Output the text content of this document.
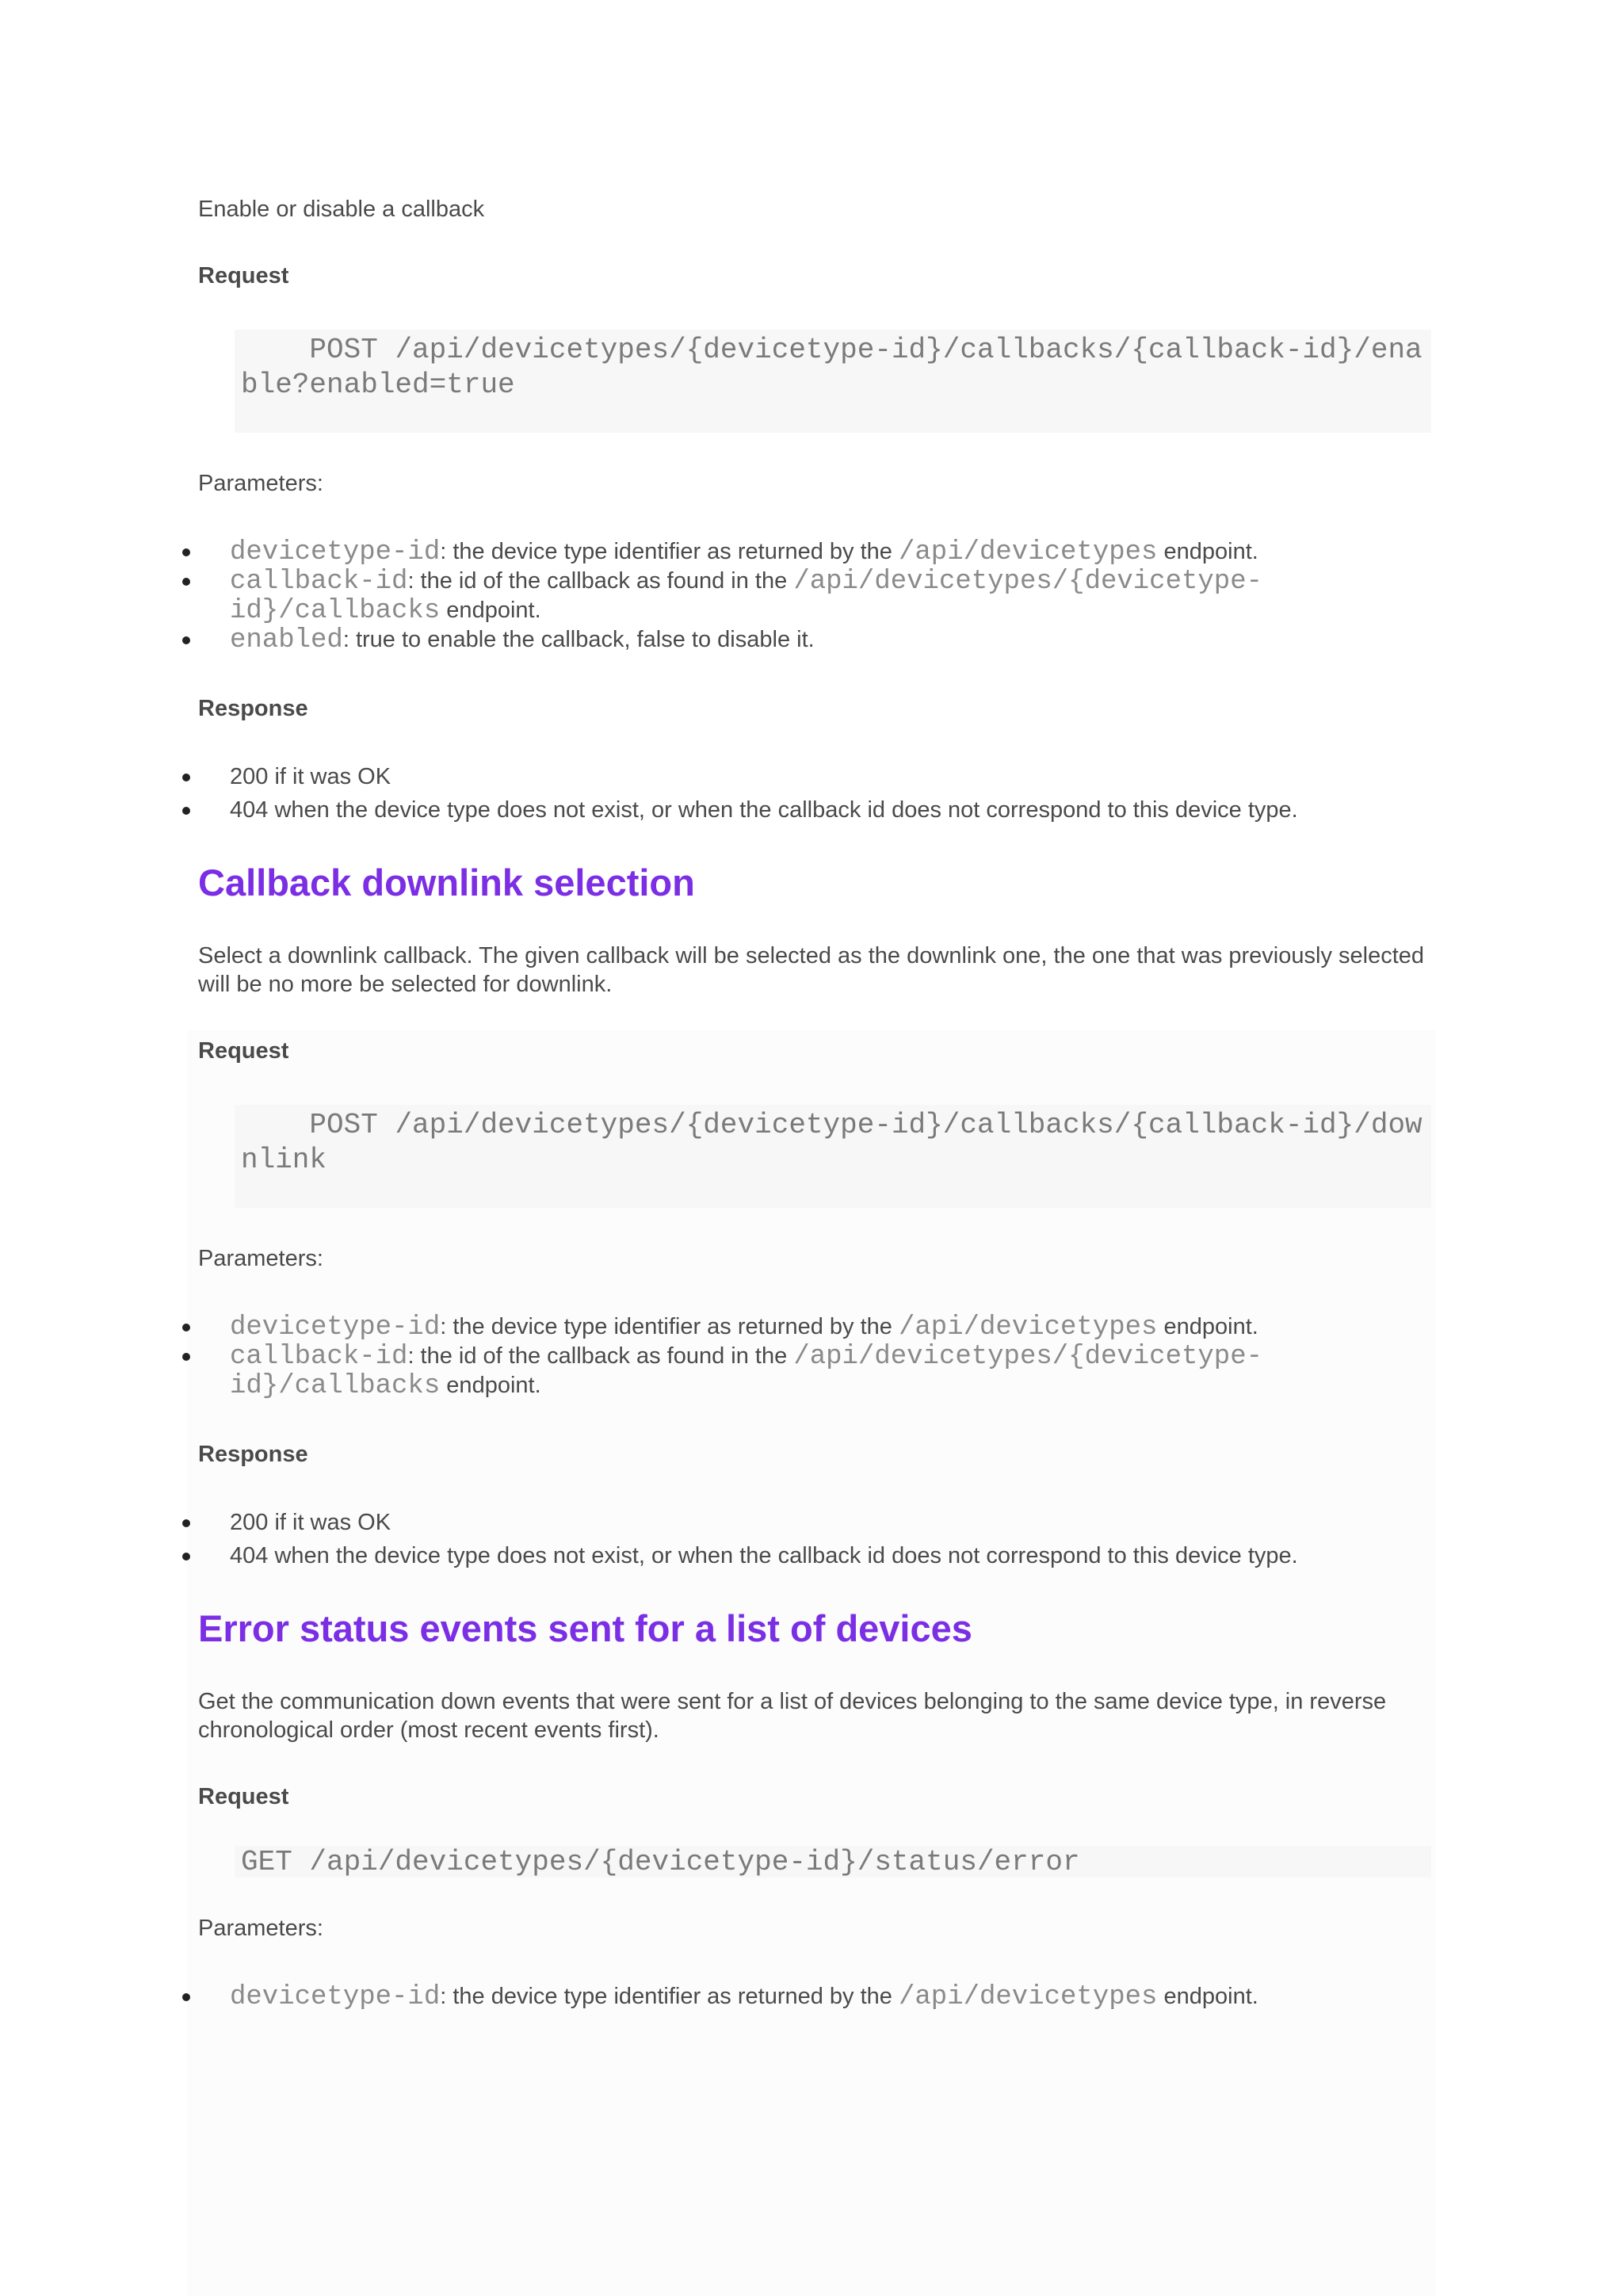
Enable or disable a callback

Request

POST /api/devicetypes/{devicetype-id}/callbacks/{callback-id}/enable?enabled=true

Parameters:

devicetype-id: the device type identifier as returned by the /api/devicetypes endpoint.
callback-id: the id of the callback as found in the /api/devicetypes/{devicetype-id}/callbacks endpoint.
enabled: true to enable the callback, false to disable it.

Response

200 if it was OK
404 when the device type does not exist, or when the callback id does not correspond to this device type.
Callback downlink selection

Select a downlink callback. The given callback will be selected as the downlink one, the one that was previously selected will be no more be selected for downlink.

Request

POST /api/devicetypes/{devicetype-id}/callbacks/{callback-id}/downlink

Parameters:

devicetype-id: the device type identifier as returned by the /api/devicetypes endpoint.
callback-id: the id of the callback as found in the /api/devicetypes/{devicetype-id}/callbacks endpoint.

Response

200 if it was OK
404 when the device type does not exist, or when the callback id does not correspond to this device type.
Error status events sent for a list of devices

Get the communication down events that were sent for a list of devices belonging to the same device type, in reverse chronological order (most recent events first).

Request

GET /api/devicetypes/{devicetype-id}/status/error

Parameters:

devicetype-id: the device type identifier as returned by the /api/devicetypes endpoint.
